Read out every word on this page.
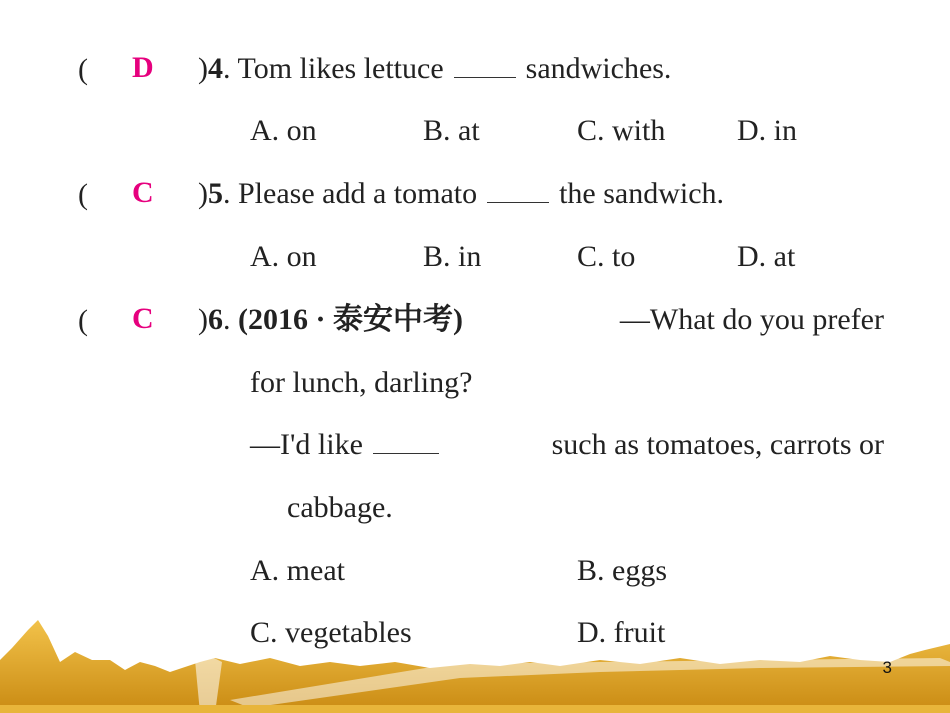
( D )4. Tom likes lettuce	sandwiches.
A. on	B. at	C. with D. in
( C )5. Please add a tomato	the sandwich.
A. on	B. in	C. to	D. at
( C )6. (2016 · 泰安中考)	—What do you prefer
for lunch, darling?
—I'd like	such as tomatoes, carrots or
cabbage.
A. meat	B. eggs
C. vegetables	D. fruit
3
